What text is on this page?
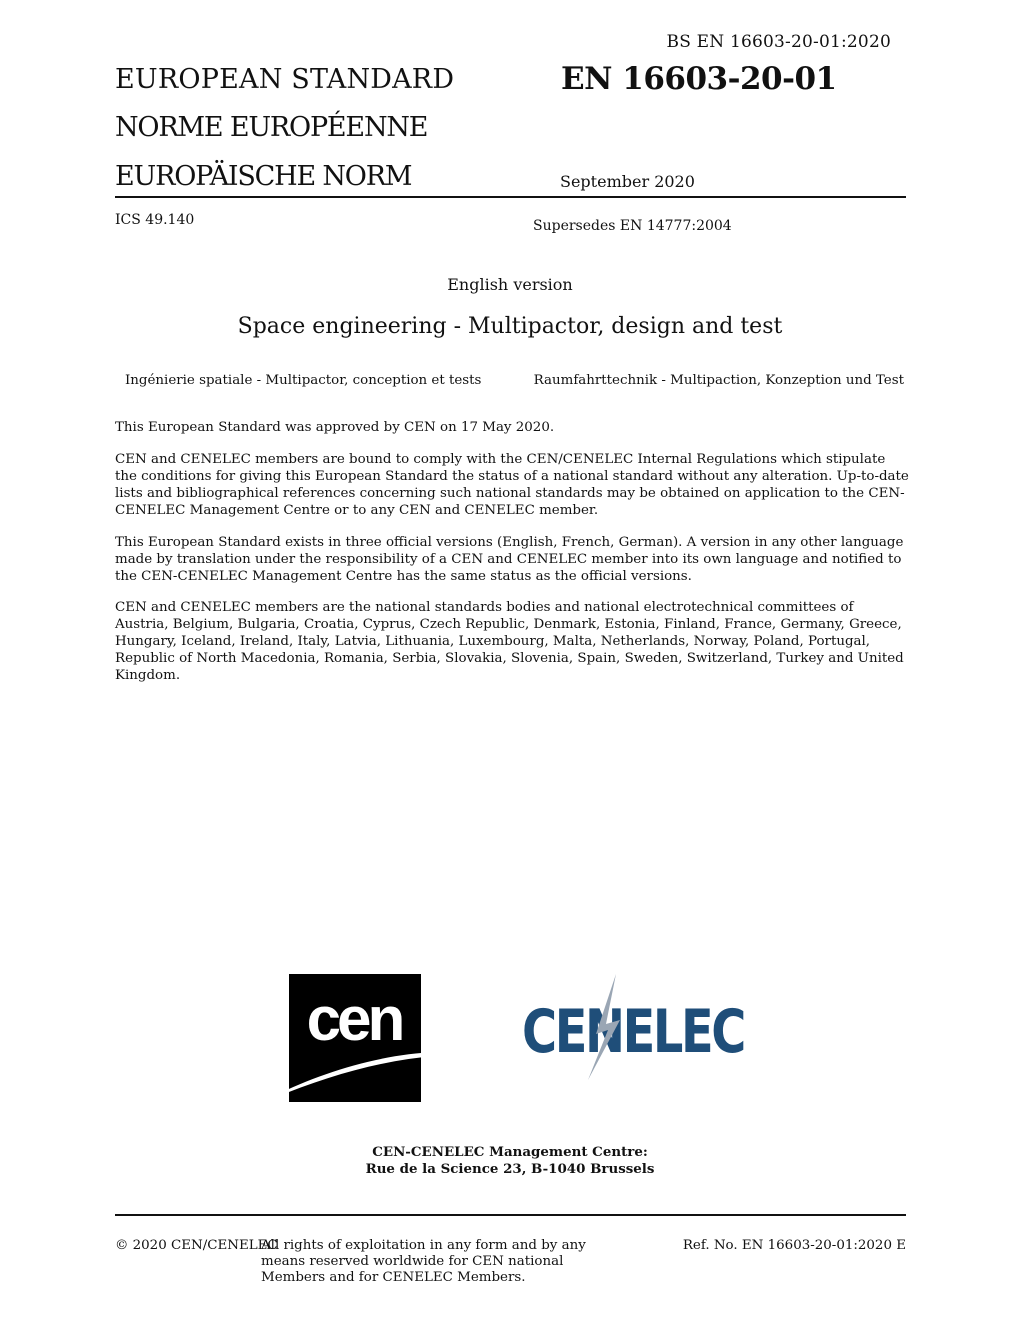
BS EN 16603-20-01:2020
EUROPEAN STANDARD
NORME EUROPÉENNE
EUROPÄISCHE NORM
EN 16603-20-01
September 2020
ICS 49.140	Supersedes EN 14777:2004
English version
Space engineering - Multipactor, design and test
Ingénierie spatiale - Multipactor, conception et tests	Raumfahrttechnik - Multipaction, Konzeption und Test

This European Standard was approved by CEN on 17 May 2020.

CEN and CENELEC members are bound to comply with the CEN/CENELEC Internal Regulations which stipulate the conditions for giving this European Standard the status of a national standard without any alteration. Up-to-date lists and bibliographical references concerning such national standards may be obtained on application to the CEN-CENELEC Management Centre or to any CEN and CENELEC member.

This European Standard exists in three official versions (English, French, German). A version in any other language made by translation under the responsibility of a CEN and CENELEC member into its own language and notified to the CEN-CENELEC Management Centre has the same status as the official versions.

CEN and CENELEC members are the national standards bodies and national electrotechnical committees of Austria, Belgium, Bulgaria, Croatia, Cyprus, Czech Republic, Denmark, Estonia, Finland, France, Germany, Greece, Hungary, Iceland, Ireland, Italy, Latvia, Lithuania, Luxembourg, Malta, Netherlands, Norway, Poland, Portugal, Republic of North Macedonia, Romania, Serbia, Slovakia, Slovenia, Spain, Sweden, Switzerland, Turkey and United Kingdom.

cen CENELEC
CEN-CENELEC Management Centre:
Rue de la Science 23, B-1040 Brussels
© 2020 CEN/CENELEC
All rights of exploitation in any form and by any means reserved worldwide for CEN national Members and for CENELEC Members.
Ref. No. EN 16603-20-01:2020 E
